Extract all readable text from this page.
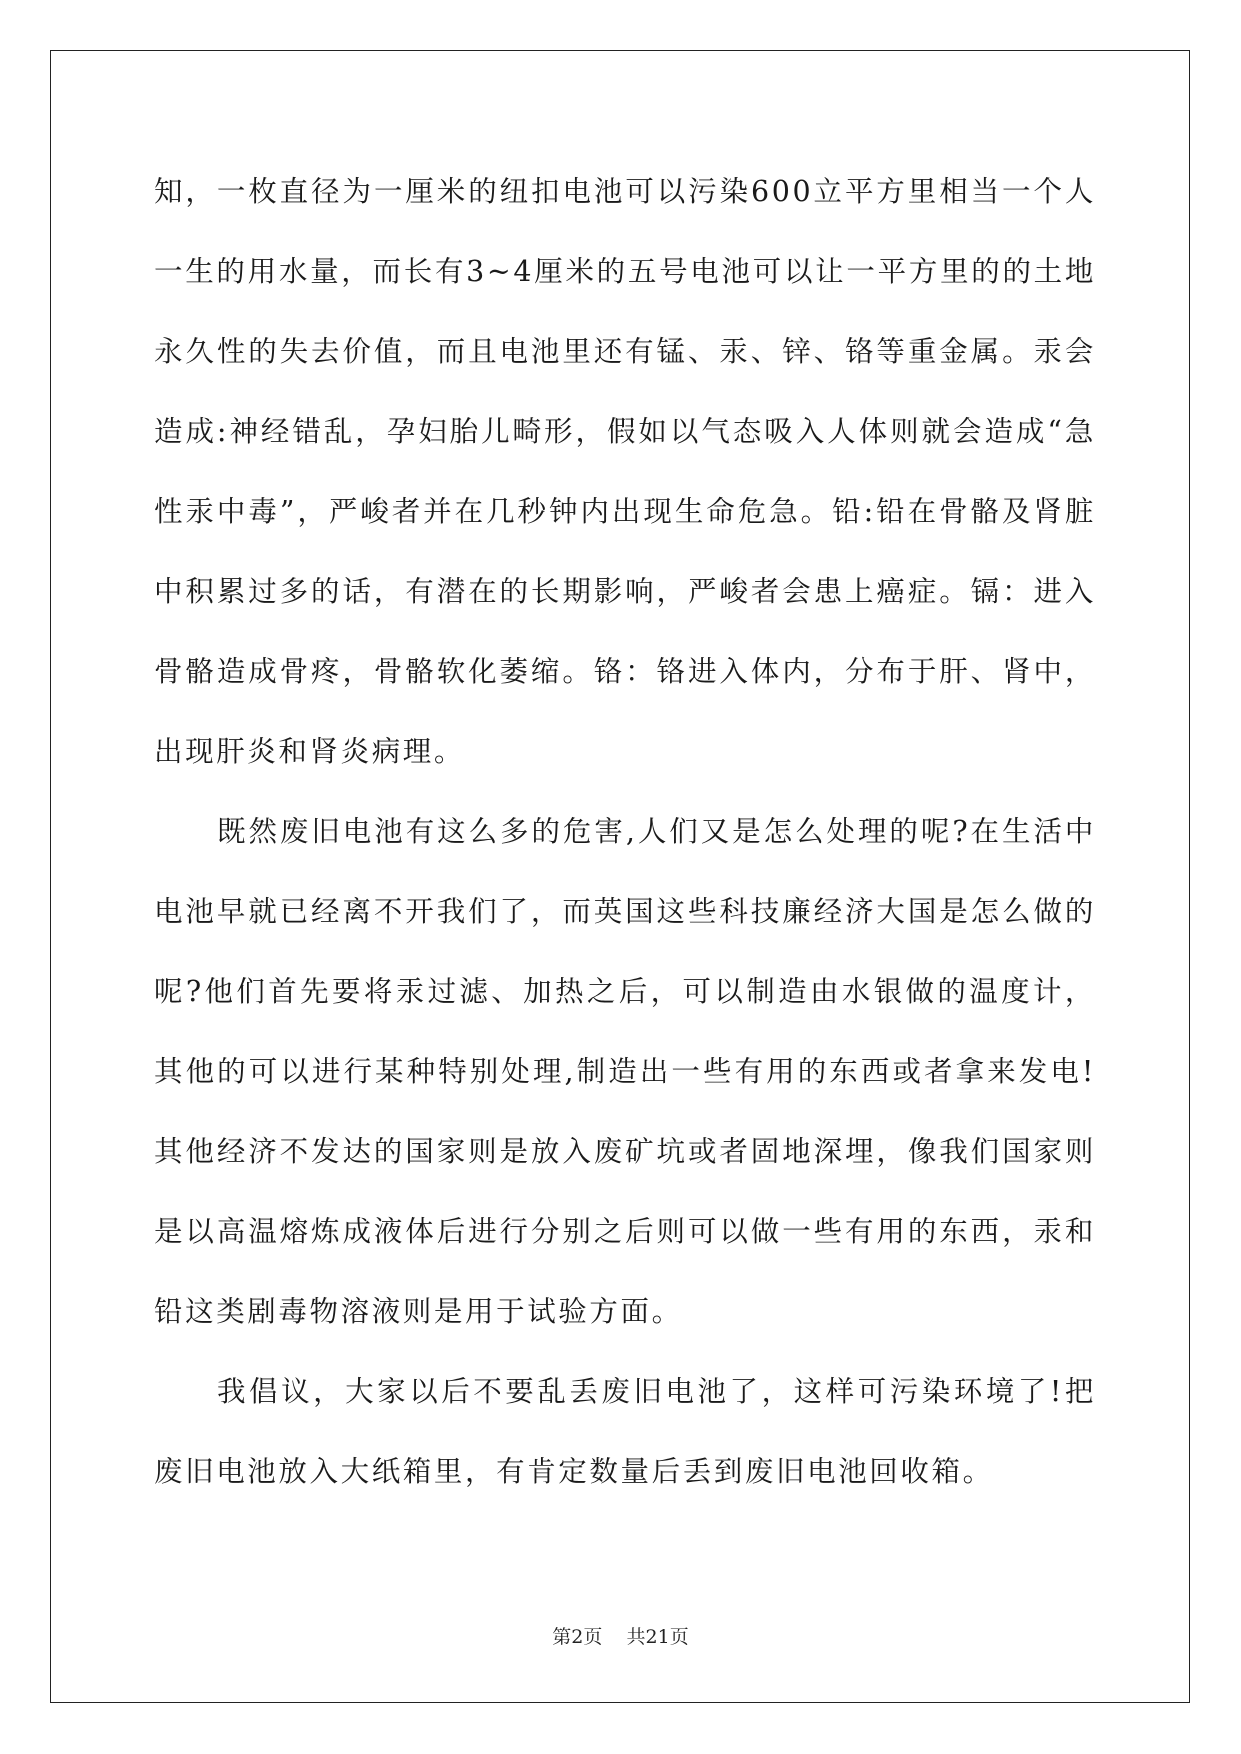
知，一枚直径为一厘米的纽扣电池可以污染600立平方里相当一个人一生的用水量，而长有3~4厘米的五号电池可以让一平方里的的土地永久性的失去价值，而且电池里还有锰、汞、锌、铬等重金属。汞会造成:神经错乱，孕妇胎儿畸形，假如以气态吸入人体则就会造成“急性汞中毒”，严峻者并在几秒钟内出现生命危急。铅:铅在骨骼及肾脏中积累过多的话，有潜在的长期影响，严峻者会患上癌症。镉：进入骨骼造成骨疼，骨骼软化萎缩。铬：铬进入体内，分布于肝、肾中，出现肝炎和肾炎病理。

既然废旧电池有这么多的危害,人们又是怎么处理的呢?在生活中电池早就已经离不开我们了，而英国这些科技廉经济大国是怎么做的呢?他们首先要将汞过滤、加热之后，可以制造由水银做的温度计，其他的可以进行某种特别处理,制造出一些有用的东西或者拿来发电!其他经济不发达的国家则是放入废矿坑或者固地深埋，像我们国家则是以高温熔炼成液体后进行分别之后则可以做一些有用的东西，汞和铅这类剧毒物溶液则是用于试验方面。

我倡议，大家以后不要乱丢废旧电池了，这样可污染环境了!把废旧电池放入大纸箱里，有肯定数量后丢到废旧电池回收箱。

第2页 共21页
